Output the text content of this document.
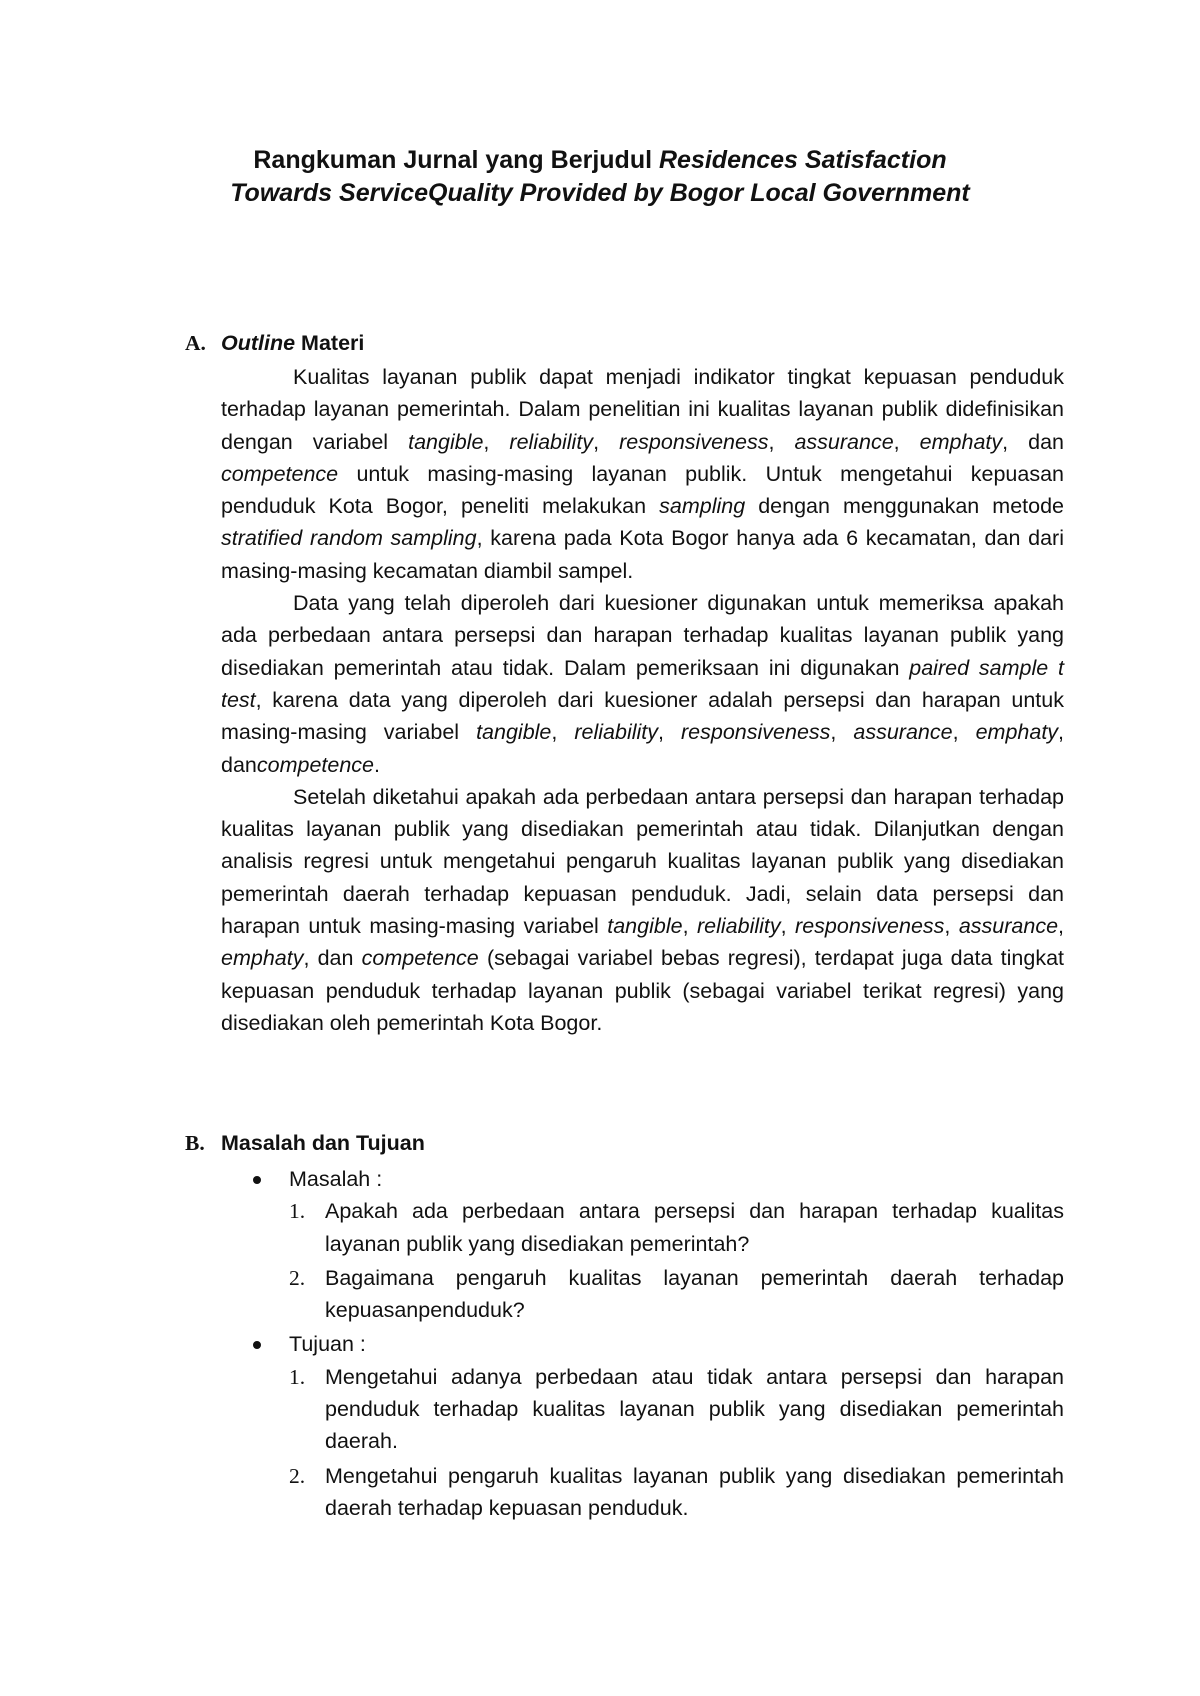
Rangkuman Jurnal yang Berjudul Residences Satisfaction
Towards ServiceQuality Provided by Bogor Local Government
A. Outline Materi

Kualitas layanan publik dapat menjadi indikator tingkat kepuasan penduduk terhadap layanan pemerintah. Dalam penelitian ini kualitas layanan publik didefinisikan dengan variabel tangible, reliability, responsiveness, assurance, emphaty, dan competence untuk masing-masing layanan publik. Untuk mengetahui kepuasan penduduk Kota Bogor, peneliti melakukan sampling dengan menggunakan metode stratified random sampling, karena pada Kota Bogor hanya ada 6 kecamatan, dan dari masing-masing kecamatan diambil sampel.

Data yang telah diperoleh dari kuesioner digunakan untuk memeriksa apakah ada perbedaan antara persepsi dan harapan terhadap kualitas layanan publik yang disediakan pemerintah atau tidak. Dalam pemeriksaan ini digunakan paired sample t test, karena data yang diperoleh dari kuesioner adalah persepsi dan harapan untuk masing-masing variabel tangible, reliability, responsiveness, assurance, emphaty, dancompetence.

Setelah diketahui apakah ada perbedaan antara persepsi dan harapan terhadap kualitas layanan publik yang disediakan pemerintah atau tidak. Dilanjutkan dengan analisis regresi untuk mengetahui pengaruh kualitas layanan publik yang disediakan pemerintah daerah terhadap kepuasan penduduk. Jadi, selain data persepsi dan harapan untuk masing-masing variabel tangible, reliability, responsiveness, assurance, emphaty, dan competence (sebagai variabel bebas regresi), terdapat juga data tingkat kepuasan penduduk terhadap layanan publik (sebagai variabel terikat regresi) yang disediakan oleh pemerintah Kota Bogor.

B. Masalah dan Tujuan
Masalah :
1. Apakah ada perbedaan antara persepsi dan harapan terhadap kualitas layanan publik yang disediakan pemerintah?
2. Bagaimana pengaruh kualitas layanan pemerintah daerah terhadap kepuasanpenduduk?
Tujuan :
1. Mengetahui adanya perbedaan atau tidak antara persepsi dan harapan penduduk terhadap kualitas layanan publik yang disediakan pemerintah daerah.
2. Mengetahui pengaruh kualitas layanan publik yang disediakan pemerintah daerah terhadap kepuasan penduduk.
